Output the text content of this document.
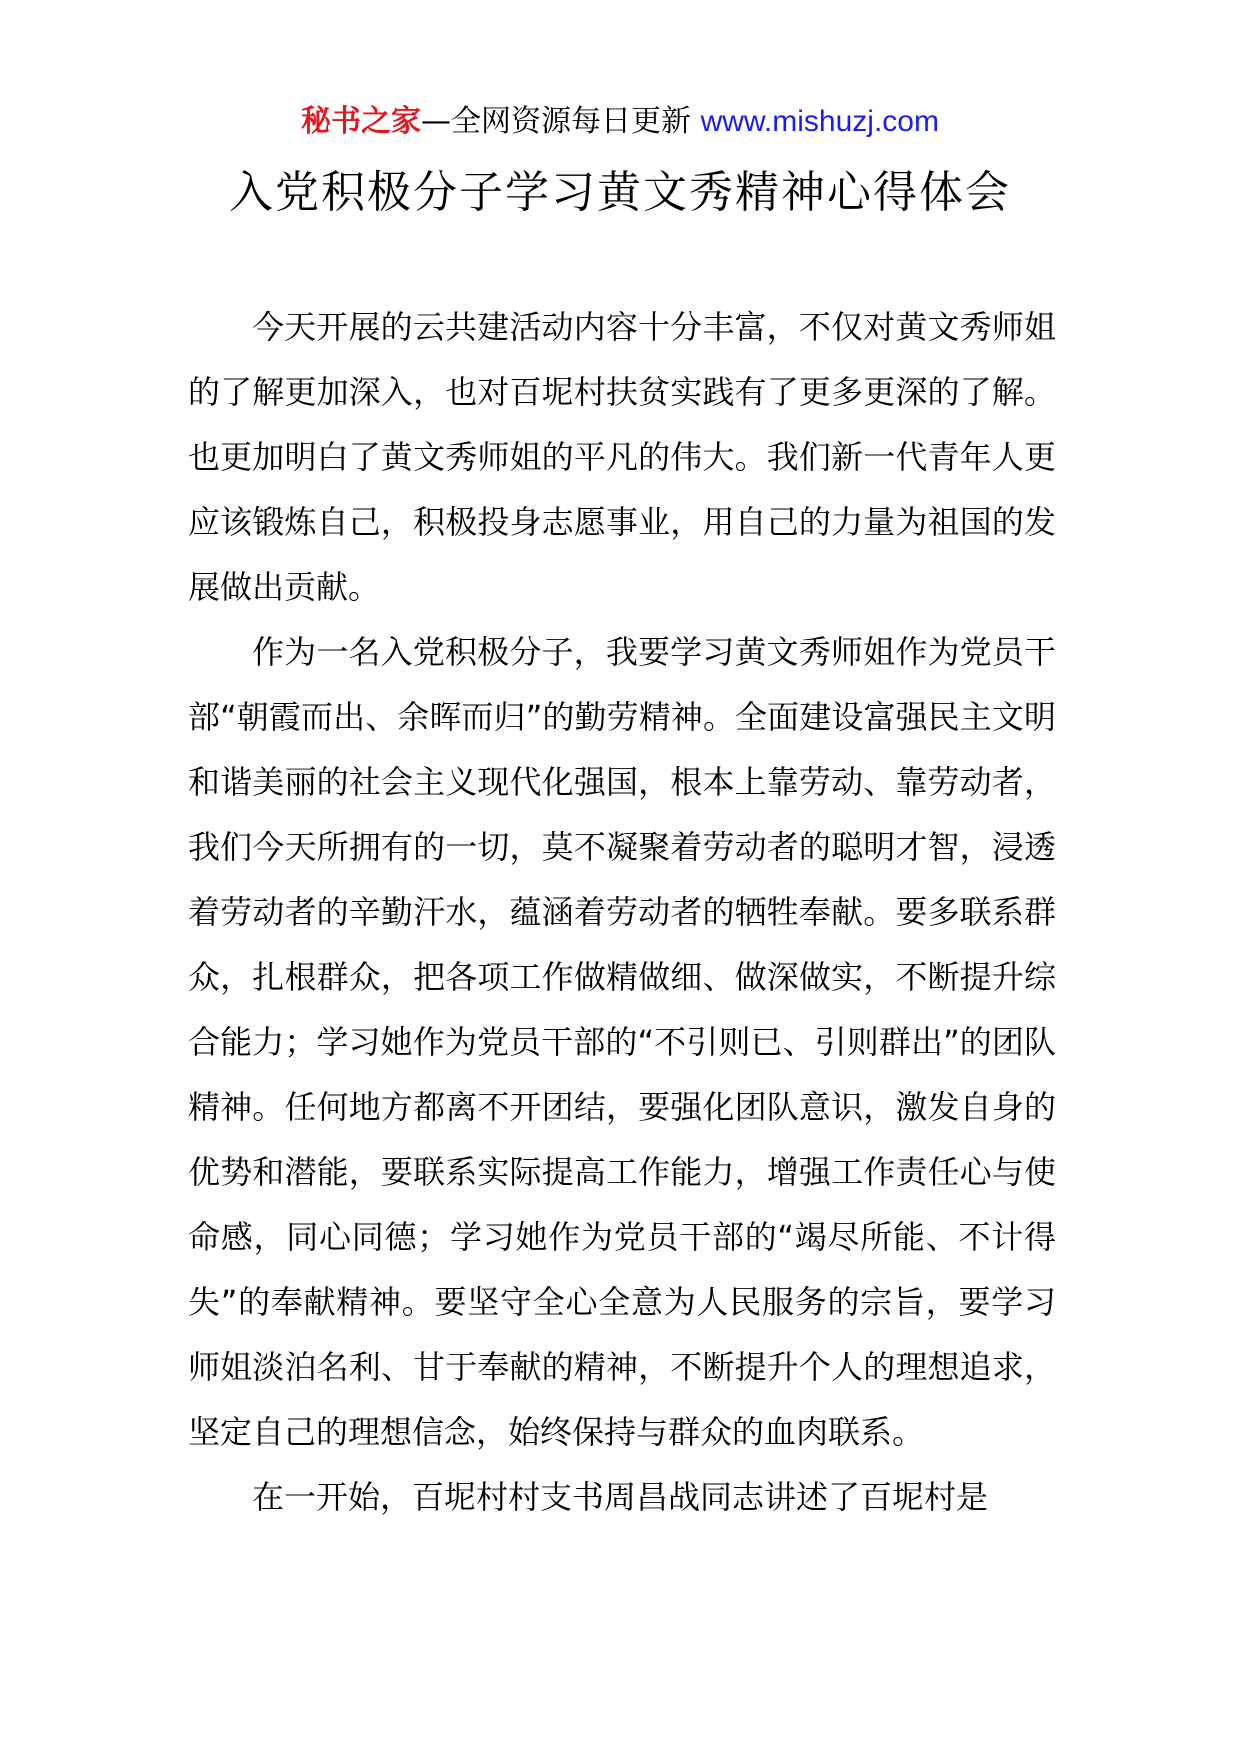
秘书之家—全网资源每日更新 www.mishuzj.com
入党积极分子学习黄文秀精神心得体会

今天开展的云共建活动内容十分丰富，不仅对黄文秀师姐的了解更加深入，也对百坭村扶贫实践有了更多更深的了解。也更加明白了黄文秀师姐的平凡的伟大。我们新一代青年人更应该锻炼自己，积极投身志愿事业，用自己的力量为祖国的发展做出贡献。

作为一名入党积极分子，我要学习黄文秀师姐作为党员干部“朝霞而出、余晖而归”的勤劳精神。全面建设富强民主文明和谐美丽的社会主义现代化强国，根本上靠劳动、靠劳动者，我们今天所拥有的一切，莫不凝聚着劳动者的聪明才智，浸透着劳动者的辛勤汗水，蕴涵着劳动者的牺牲奉献。要多联系群众，扎根群众，把各项工作做精做细、做深做实，不断提升综合能力；学习她作为党员干部的“不引则已、引则群出”的团队精神。任何地方都离不开团结，要强化团队意识，激发自身的优势和潜能，要联系实际提高工作能力，增强工作责任心与使命感，同心同德；学习她作为党员干部的“竭尽所能、不计得失”的奉献精神。要坚守全心全意为人民服务的宗旨，要学习师姐淡泊名利、甘于奉献的精神，不断提升个人的理想追求，坚定自己的理想信念，始终保持与群众的血肉联系。

在一开始，百坭村村支书周昌战同志讲述了百坭村是
